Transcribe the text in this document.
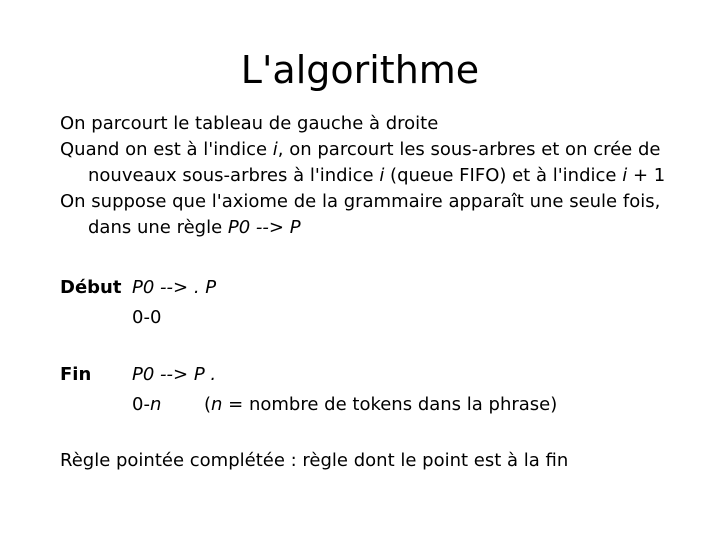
L'algorithme

On parcourt le tableau de gauche à droite

Quand on est à l'indice i, on parcourt les sous-arbres et on crée de nouveaux sous-arbres à l'indice i (queue FIFO) et à l'indice i + 1

On suppose que l'axiome de la grammaire apparaît une seule fois, dans une règle P0 --> P

Début P0 --> . P
0-0
Fin	P0 --> P .
0-n (n = nombre de tokens dans la phrase)
Règle pointée complétée : règle dont le point est à la fin
